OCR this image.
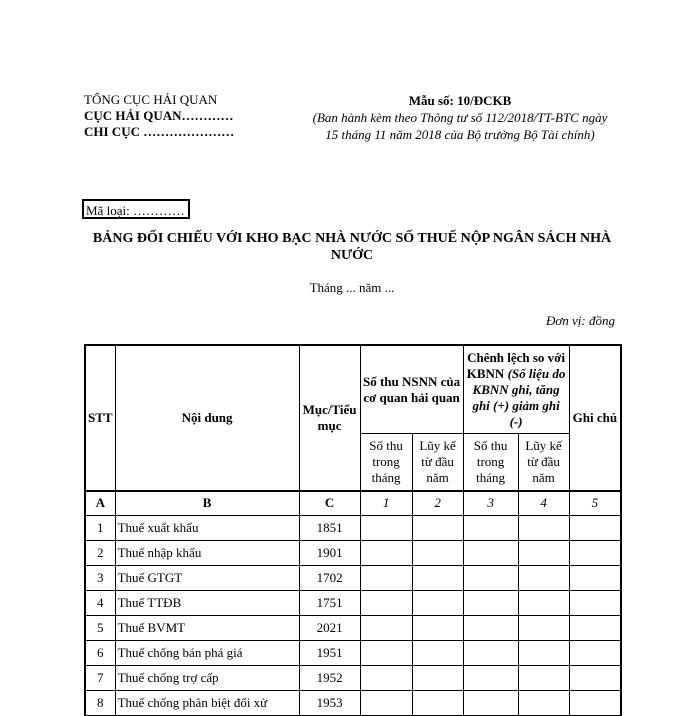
TỔNG CỤC HẢI QUAN
CỤC HẢI QUAN…………
CHI CỤC …………………
Mẫu số: 10/ĐCKB
(Ban hành kèm theo Thông tư số 112/2018/TT-BTC ngày 15 tháng 11 năm 2018 của Bộ trưởng Bộ Tài chính)
Mã loại: …………
BẢNG ĐỐI CHIẾU VỚI KHO BẠC NHÀ NƯỚC SỐ THUẾ NỘP NGÂN SÁCH NHÀ NƯỚC
Tháng ... năm ...
Đơn vị: đồng
STT	Nội dung	Mục/Tiểu mục	Số thu NSNN của cơ quan hải quan		Chênh lệch so với KBNN (Số liệu do KBNN ghi, tăng ghi (+) giảm ghi (-)		Ghi chú
			Số thu trong tháng	Lũy kế từ đầu năm	Số thu trong tháng	Lũy kế từ đầu năm	
A	B	C	1	2	3	4	5
1	Thuế xuất khẩu	1851					
2	Thuế nhập khẩu	1901					
3	Thuế GTGT	1702					
4	Thuế TTĐB	1751					
5	Thuế BVMT	2021					
6	Thuế chống bán phá giá	1951					
7	Thuế chống trợ cấp	1952					
8	Thuế chống phân biệt đối xử	1953					
